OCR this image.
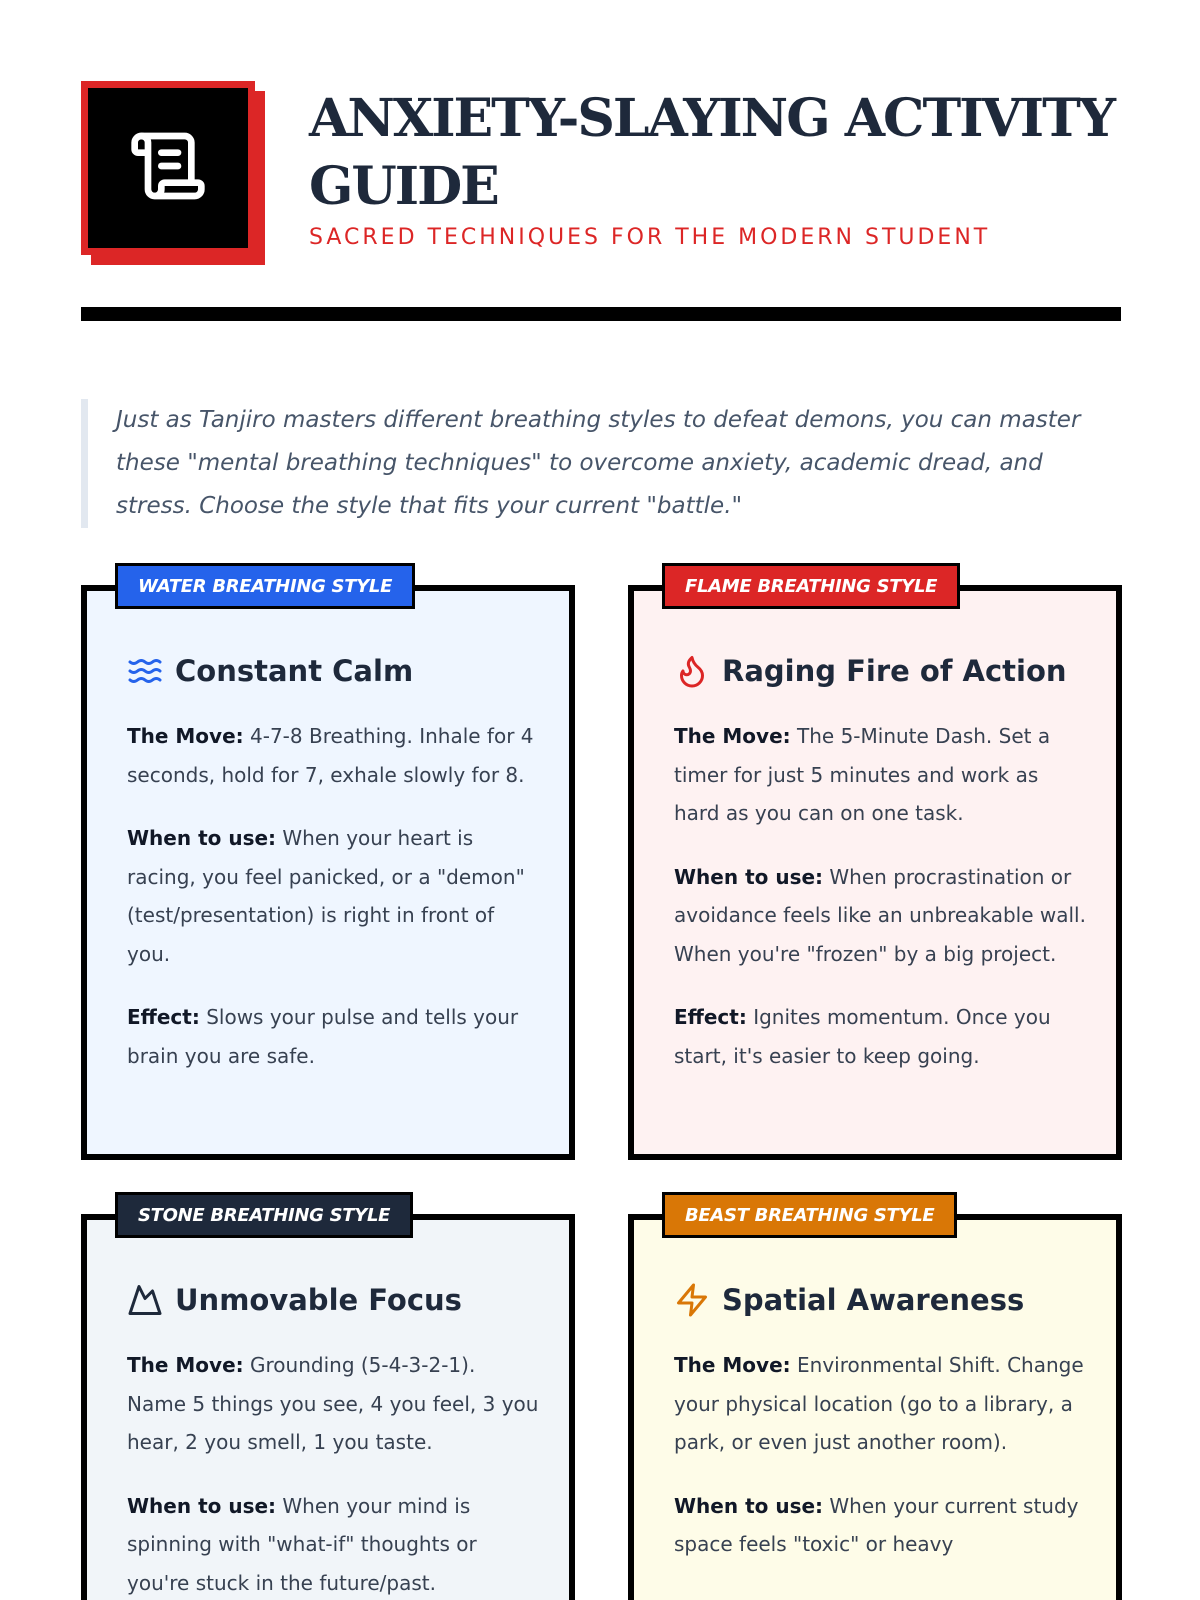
ANXIETY-SLAYING ACTIVITY GUIDE
SACRED TECHNIQUES FOR THE MODERN STUDENT
Just as Tanjiro masters different breathing styles to defeat demons, you can master these "mental breathing techniques" to overcome anxiety, academic dread, and stress. Choose the style that fits your current "battle."
WATER BREATHING STYLE
Constant Calm

The Move: 4-7-8 Breathing. Inhale for 4 seconds, hold for 7, exhale slowly for 8.

When to use: When your heart is racing, you feel panicked, or a "demon" (test/presentation) is right in front of you.

Effect: Slows your pulse and tells your brain you are safe.

FLAME BREATHING STYLE
Raging Fire of Action

The Move: The 5-Minute Dash. Set a timer for just 5 minutes and work as hard as you can on one task.

When to use: When procrastination or avoidance feels like an unbreakable wall. When you're "frozen" by a big project.

Effect: Ignites momentum. Once you start, it's easier to keep going.

STONE BREATHING STYLE
Unmovable Focus

The Move: Grounding (5-4-3-2-1). Name 5 things you see, 4 you feel, 3 you hear, 2 you smell, 1 you taste.

When to use: When your mind is spinning with "what-if" thoughts or you're stuck in the future/past.

BEAST BREATHING STYLE
Spatial Awareness

The Move: Environmental Shift. Change your physical location (go to a library, a park, or even just another room).

When to use: When your current study space feels "toxic" or heavy
